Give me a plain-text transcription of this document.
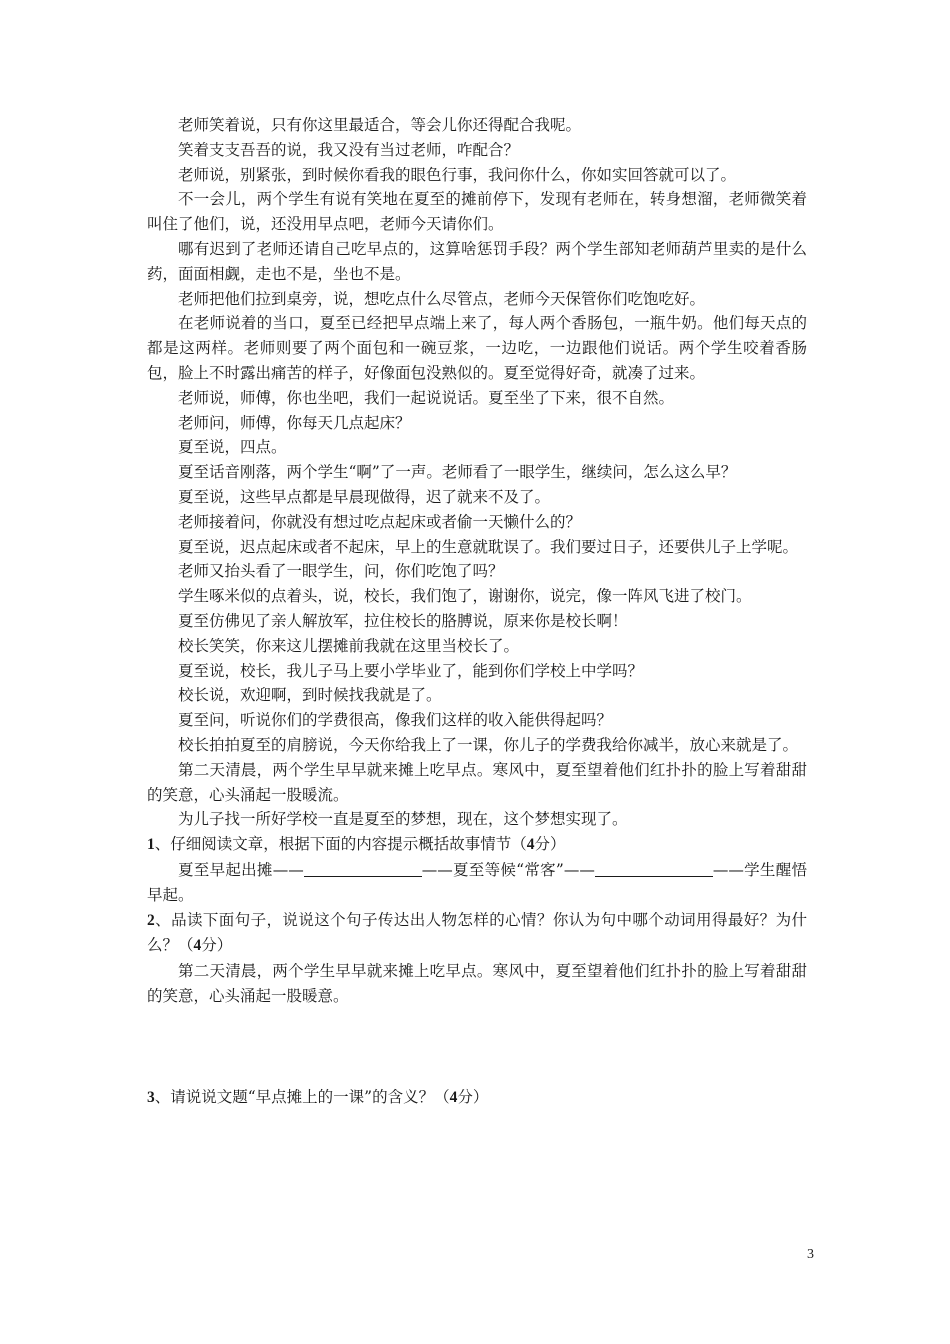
老师笑着说，只有你这里最适合，等会儿你还得配合我呢。

笑着支支吾吾的说，我又没有当过老师，咋配合？

老师说，别紧张，到时候你看我的眼色行事，我问你什么，你如实回答就可以了。

不一会儿，两个学生有说有笑地在夏至的摊前停下，发现有老师在，转身想溜，老师微笑着叫住了他们，说，还没用早点吧，老师今天请你们。

哪有迟到了老师还请自己吃早点的，这算啥惩罚手段？两个学生部知老师葫芦里卖的是什么药，面面相觑，走也不是，坐也不是。

老师把他们拉到桌旁，说，想吃点什么尽管点，老师今天保管你们吃饱吃好。

在老师说着的当口，夏至已经把早点端上来了，每人两个香肠包，一瓶牛奶。他们每天点的都是这两样。老师则要了两个面包和一碗豆浆，一边吃，一边跟他们说话。两个学生咬着香肠包，脸上不时露出痛苦的样子，好像面包没熟似的。夏至觉得好奇，就凑了过来。

老师说，师傅，你也坐吧，我们一起说说话。夏至坐了下来，很不自然。

老师问，师傅，你每天几点起床？

夏至说，四点。

夏至话音刚落，两个学生“啊”了一声。老师看了一眼学生，继续问，怎么这么早？

夏至说，这些早点都是早晨现做得，迟了就来不及了。

老师接着问，你就没有想过吃点起床或者偷一天懒什么的？

夏至说，迟点起床或者不起床，早上的生意就耽误了。我们要过日子，还要供儿子上学呢。

老师又抬头看了一眼学生，问，你们吃饱了吗？

学生啄米似的点着头，说，校长，我们饱了，谢谢你，说完，像一阵风飞进了校门。

夏至仿佛见了亲人解放军，拉住校长的胳膊说，原来你是校长啊！

校长笑笑，你来这儿摆摊前我就在这里当校长了。

夏至说，校长，我儿子马上要小学毕业了，能到你们学校上中学吗？

校长说，欢迎啊，到时候找我就是了。

夏至问，听说你们的学费很高，像我们这样的收入能供得起吗？

校长拍拍夏至的肩膀说，今天你给我上了一课，你儿子的学费我给你减半，放心来就是了。

第二天清晨，两个学生早早就来摊上吃早点。寒风中，夏至望着他们红扑扑的脸上写着甜甜的笑意，心头涌起一股暖流。

为儿子找一所好学校一直是夏至的梦想，现在，这个梦想实现了。

1、仔细阅读文章，根据下面的内容提示概括故事情节（4分）

夏至早起出摊——	——夏至等候“常客”——	——学生醒悟早起。

2、品读下面句子，说说这个句子传达出人物怎样的心情？你认为句中哪个动词用得最好？为什么？（4分）

第二天清晨，两个学生早早就来摊上吃早点。寒风中，夏至望着他们红扑扑的脸上写着甜甜的笑意，心头涌起一股暖意。

3、请说说文题“早点摊上的一课”的含义？（4分）

3
